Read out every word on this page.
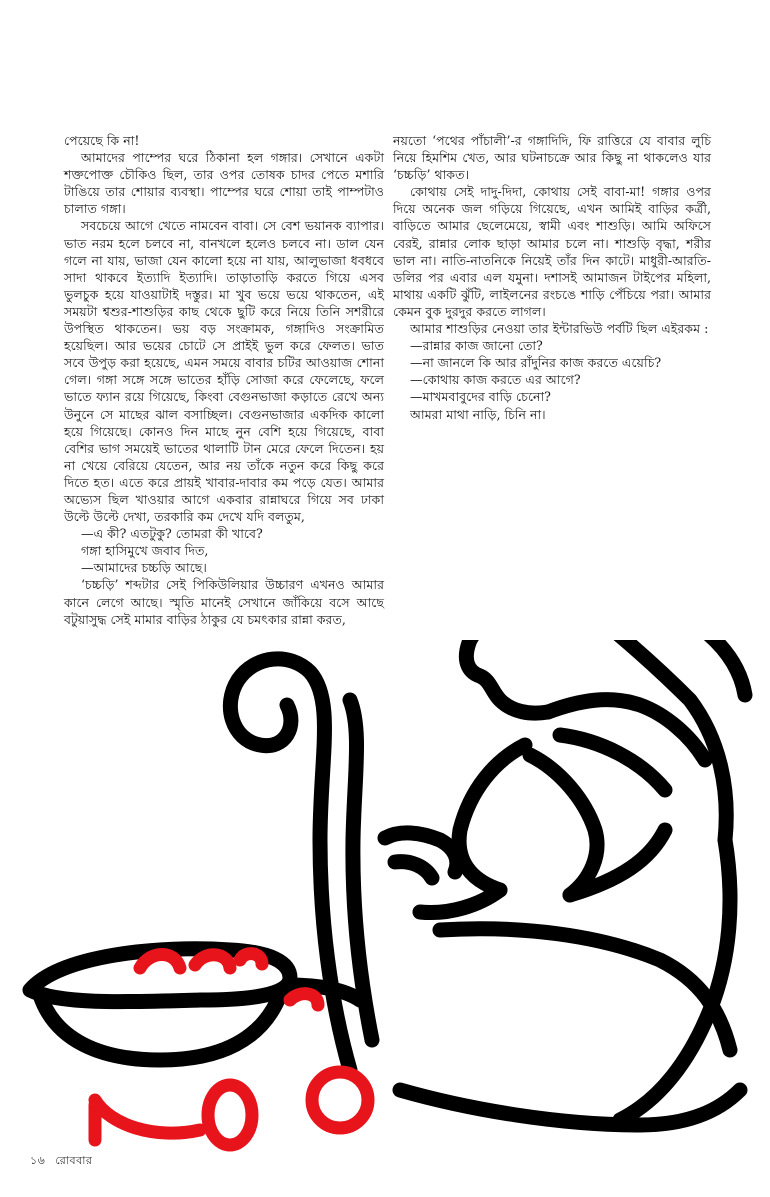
পেয়েছে কি না!

আমাদের পাম্পের ঘরে ঠিকানা হল গঙ্গার। সেখানে একটা শক্তপোক্ত চৌকিও ছিল, তার ওপর তোষক চাদর পেতে মশারি টাঙিয়ে তার শোয়ার ব্যবস্থা। পাম্পের ঘরে শোয়া তাই পাম্পটাও চালাত গঙ্গা।

সবচেয়ে আগে খেতে নামবেন বাবা। সে বেশ ভয়ানক ব্যাপার। ভাত নরম হলে চলবে না, বানখলে হলেও চলবে না। ডাল যেন গলে না যায়, ভাজা যেন কালো হয়ে না যায়, আলুভাজা ধবধবে সাদা থাকবে ইত্যাদি ইত্যাদি। তাড়াতাড়ি করতে গিয়ে এসব ভুলচুক হয়ে যাওয়াটাই দস্তুর। মা খুব ভয়ে ভয়ে থাকতেন, এই সময়টা শ্বশুর-শাশুড়ির কাছ থেকে ছুটি করে নিয়ে তিনি সশরীরে উপস্থিত থাকতেন। ভয় বড় সংক্রামক, গঙ্গাদিও সংক্রামিত হয়েছিল। আর ভয়ের চোটে সে প্রাইই ভুল করে ফেলত। ভাত সবে উপুড় করা হয়েছে, এমন সময়ে বাবার চটির আওয়াজ শোনা গেল। গঙ্গা সঙ্গে সঙ্গে ভাতের হাঁড়ি সোজা করে ফেলেছে, ফলে ভাতে ফ্যান রয়ে গিয়েছে, কিংবা বেগুনভাজা কড়াতে রেখে অন্য উনুনে সে মাছের ঝাল বসাচ্ছিল। বেগুনভাজার একদিক কালো হয়ে গিয়েছে। কোনও দিন মাছে নুন বেশি হয়ে গিয়েছে, বাবা বেশির ভাগ সময়েই ভাতের থালাটি টান মেরে ফেলে দিতেন। হয় না খেয়ে বেরিয়ে যেতেন, আর নয় তাঁকে নতুন করে কিছু করে দিতে হত। এতে করে প্রায়ই খাবার-দাবার কম পড়ে যেত। আমার অভ্যেস ছিল খাওয়ার আগে একবার রান্নাঘরে গিয়ে সব ঢাকা উল্টে উল্টে দেখা, তরকারি কম দেখে যদি বলতুম,

—এ কী? এতটুকু? তোমরা কী খাবে?

গঙ্গা হাসিমুখে জবাব দিত,

—আমাদের চচ্চড়ি আছে।

‘চচ্চড়ি’ শব্দটার সেই পিকিউলিয়ার উচ্চারণ এখনও আমার কানে লেগে আছে। স্মৃতি মানেই সেখানে জাঁকিয়ে বসে আছে বটুয়াসুদ্ধ সেই মামার বাড়ির ঠাকুর যে চমৎকার রান্না করত,

নয়তো ‘পথের পাঁচালী’-র গঙ্গাদিদি, ফি রাত্তিরে যে বাবার লুচি নিয়ে হিমশিম খেত, আর ঘটনাচক্রে আর কিছু না থাকলেও যার ‘চচ্চড়ি’ থাকত।

কোথায় সেই দাদু-দিদা, কোথায় সেই বাবা-মা! গঙ্গার ওপর দিয়ে অনেক জল গড়িয়ে গিয়েছে, এখন আমিই বাড়ির কর্ত্রী, বাড়িতে আমার ছেলেমেয়ে, স্বামী এবং শাশুড়ি। আমি অফিসে বেরই, রান্নার লোক ছাড়া আমার চলে না। শাশুড়ি বৃদ্ধা, শরীর ভাল না। নাতি-নাতনিকে নিয়েই তাঁর দিন কাটে। মাধুরী-আরতি-ডলির পর এবার এল যমুনা। দশাসই আমাজন টাইপের মহিলা, মাথায় একটি ঝুঁটি, লাইলনের রংচঙে শাড়ি পেঁচিয়ে পরা। আমার কেমন বুক দুরদুর করতে লাগল।

আমার শাশুড়ির নেওয়া তার ইন্টারভিউ পর্বটি ছিল এইরকম :

—রান্নার কাজ জানো তো?

—না জানলে কি আর রাঁদুনির কাজ করতে এয়েচি?

—কোথায় কাজ করতে এর আগে?

—মাখমবাবুদের বাড়ি চেনো?

আমরা মাথা নাড়ি, চিনি না।

১৬ রোববার
